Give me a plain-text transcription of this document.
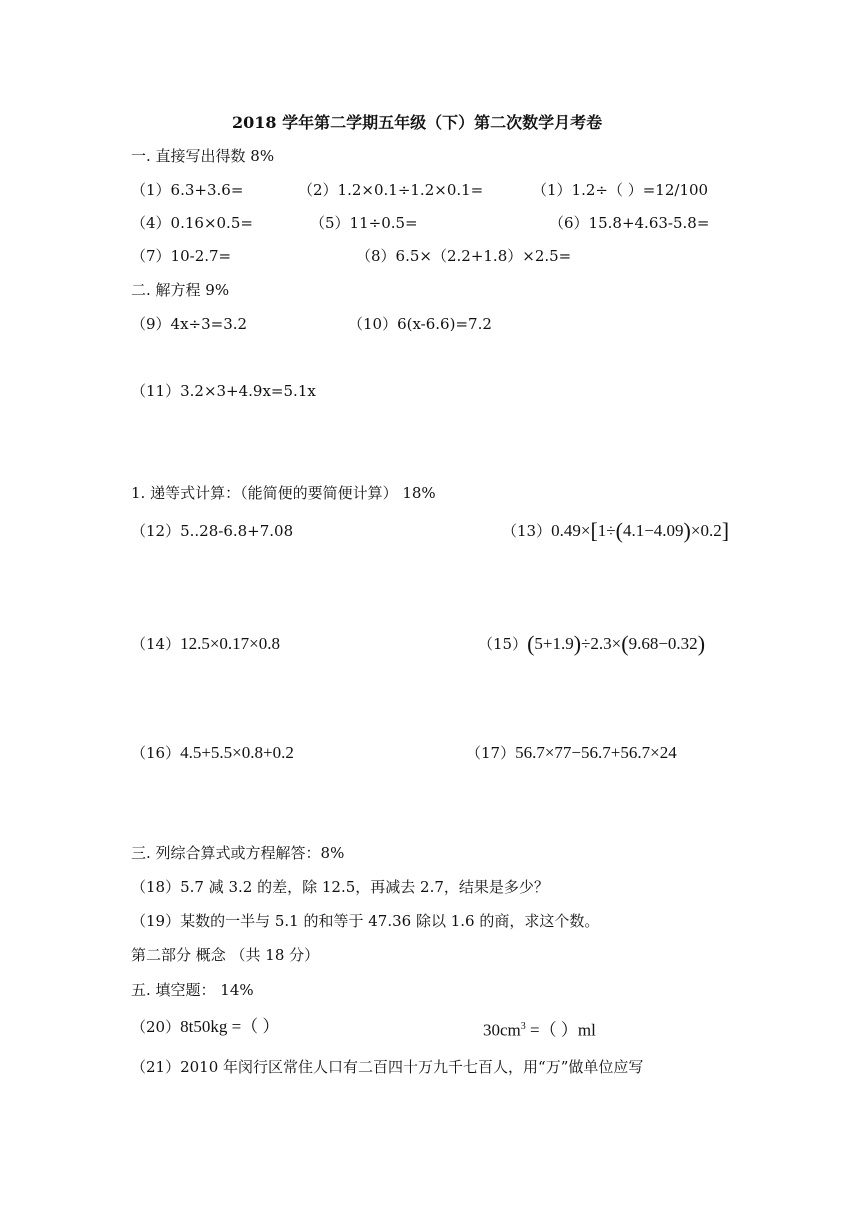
2018 学年第二学期五年级（下）第二次数学月考卷
一. 直接写出得数 8%
（1）6.3+3.6=	（2）1.2×0.1÷1.2×0.1=	（1）1.2÷（ ）=12/100
（4）0.16×0.5=	（5）11÷0.5=	（6）15.8+4.63-5.8=
（7）10-2.7=	（8）6.5×（2.2+1.8）×2.5=
二. 解方程 9%
（9）4x÷3=3.2	（10）6(x-6.6)=7.2
（11）3.2×3+4.9x=5.1x
1. 递等式计算：（能简便的要简便计算） 18%
（12）5..28-6.8+7.08	（13）0.49×[1÷(4.1−4.09)×0.2]
（14）12.5×0.17×0.8	（15）(5+1.9)÷2.3×(9.68−0.32)
（16）4.5+5.5×0.8+0.2	（17）56.7×77−56.7+56.7×24
三. 列综合算式或方程解答：8%
（18）5.7 减 3.2 的差，除 12.5，再减去 2.7，结果是多少？
（19）某数的一半与 5.1 的和等于 47.36 除以 1.6 的商，求这个数。
第二部分 概念 （共 18 分）
五. 填空题： 14%
（20）8t50kg =（ ）	$30cm^3$ =（ ）ml
（21）2010 年闵行区常住人口有二百四十万九千七百人，用“万”做单位应写
